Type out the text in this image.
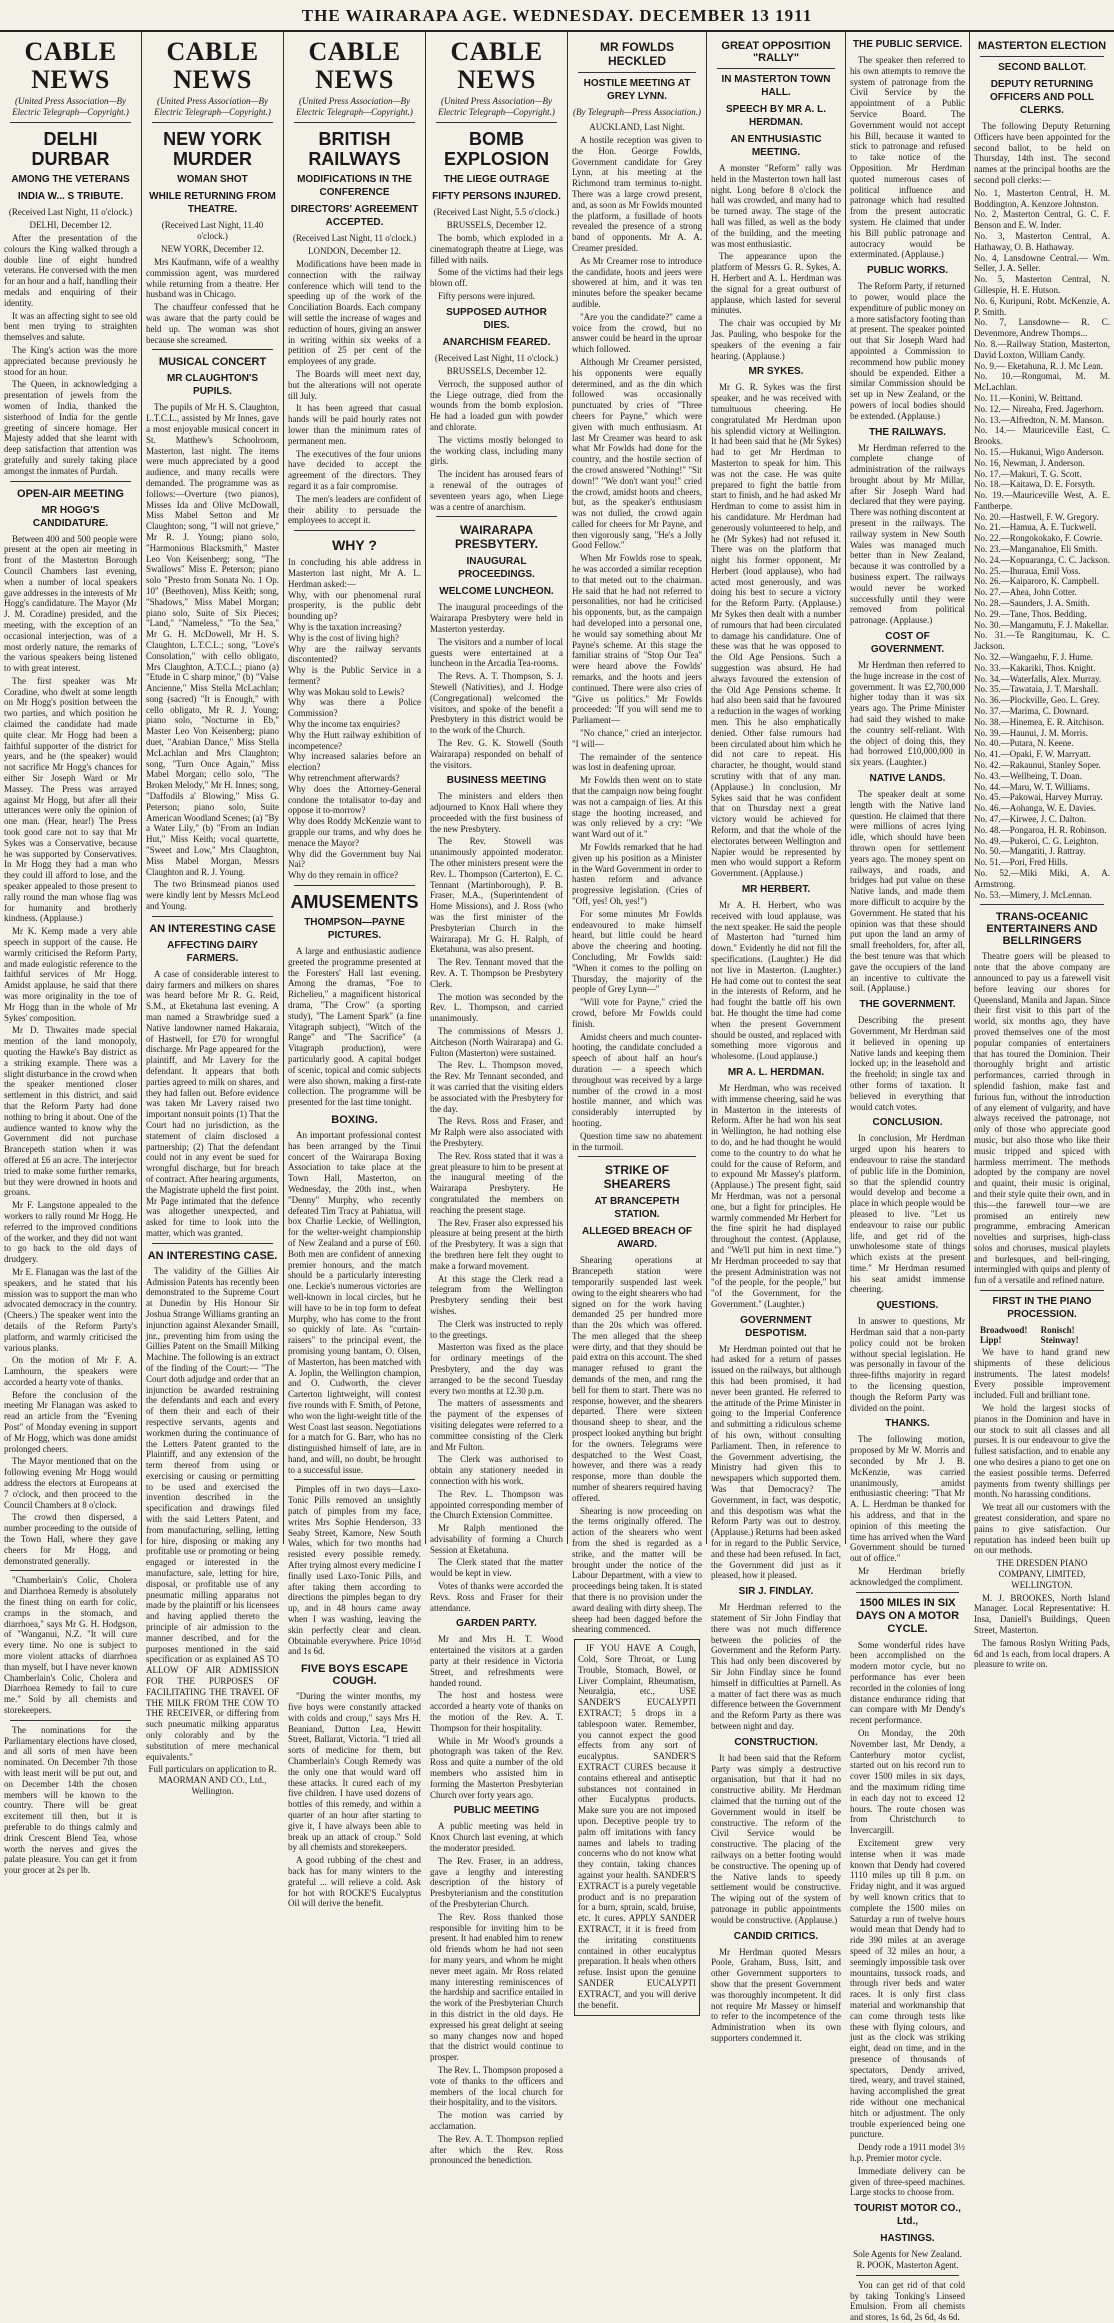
THE WAIRARAPA AGE. WEDNESDAY. DECEMBER 13 1911
CABLE NEWS
(United Press Association—By Electric Telegraph—Copyright.)
DELHI DURBAR
AMONG THE VETERANS
INDIA W... S TRIBUTE.
(Received Last Night, 11 o'clock.)
DELHI, December 12.

After the presentation of the colours the King walked through a double line of eight hundred veterans. He conversed with the men for an hour and a half, handling their medals and enquiring of their identity.

It was an affecting sight to see old bent men trying to straighten themselves and salute.

The King's action was the more appreciated because previously he stood for an hour.

The Queen, in acknowledging a presentation of jewels from the women of India, thanked the sisterhood of India for the gentle greeting of sincere homage. Her Majesty added that she learnt with deep satisfaction that attention was gratefully and surely taking place amongst the inmates of Purdah.

OPEN-AIR MEETING
MR HOGG'S CANDIDATURE.

Between 400 and 500 people were present at the open air meeting in front of the Masterton Borough Council Chambers last evening, when a number of local speakers gave addresses in the interests of Mr Hogg's candidature. The Mayor (Mr J. M. Coradine) presided, and the meeting, with the exception of an occasional interjection, was of a most orderly nature, the remarks of the various speakers being listened to with great interest.

The first speaker was Mr Coradine, who dwelt at some length on Mr Hogg's position between the two parties, and which position he claimed the candidate had made quite clear. Mr Hogg had been a faithful supporter of the district for years, and he (the speaker) would not sacrifice Mr Hogg's chances for either Sir Joseph Ward or Mr Massey. The Press was arrayed against Mr Hogg, but after all their utterances were only the opinion of one man. (Hear, hear!) The Press took good care not to say that Mr Sykes was a Conservative, because he was supported by Conservatives. In Mr Hogg they had a man who they could ill afford to lose, and the speaker appealed to those present to rally round the man whose flag was for humanity and brotherly kindness. (Applause.)

Mr K. Kemp made a very able speech in support of the cause. He warmly criticised the Reform Party, and made eulogistic reference to the faithful services of Mr Hogg. Amidst applause, he said that there was more originality in the toe of Mr Hogg than in the whole of Mr Sykes' composition.

Mr D. Thwaites made special mention of the land monopoly, quoting the Hawke's Bay district as a striking example. There was a slight disturbance in the crowd when the speaker mentioned closer settlement in this district, and said that the Reform Party had done nothing to bring it about. One of the audience wanted to know why the Government did not purchase Brancepeth station when it was offered at £6 an acre. The interjector tried to make some further remarks, but they were drowned in hoots and groans.

Mr F. Langstone appealed to the workers to rally round Mr Hogg. He referred to the improved conditions of the worker, and they did not want to go back to the old days of drudgery.

Mr E. Flanagan was the last of the speakers, and he stated that his mission was to support the man who advocated democracy in the country. (Cheers.) The speaker went into the details of the Reform Party's platform, and warmly criticised the various planks.

On the motion of Mr F. A. Lamhourn, the speakers were accorded a hearty vote of thanks.

Before the conclusion of the meeting Mr Flanagan was asked to read an article from the "Evening Post" of Monday evening in support of Mr Hogg, which was done amidst prolonged cheers.

The Mayor mentioned that on the following evening Mr Hogg would address the electors at Europeans at 7 o'clock, and then proceed to the Council Chambers at 8 o'clock.

The crowd then dispersed, a number proceeding to the outside of the Town Hall, where they gave cheers for Mr Hogg, and demonstrated generally.

"Chamberlain's Colic, Cholera and Diarrhoea Remedy is absolutely the finest thing on earth for colic, cramps in the stomach, and diarrhoea," says Mr G. H. Hodgson, of "Wanganui, N.Z. "It will cure every time. No one is subject to more violent attacks of diarrhoea than myself, but I have never known Chamberlain's Colic, Cholera and Diarrhoea Remedy to fail to cure me." Sold by all chemists and storekeepers.

The nominations for the Parliamentary elections have closed, and all sorts of men have been nominated. On December 7th those with least merit will be put out, and on December 14th the chosen members will be known to the country. There will be great excitement till then, but it is preferable to do things calmly and drink Crescent Blend Tea, whose worth the nerves and gives the palate pleasure. You can get it from your grocer at 2s per lb.

CABLE NEWS
(United Press Association—By Electric Telegraph—Copyright.)
NEW YORK MURDER
WOMAN SHOT
WHILE RETURNING FROM THEATRE.
(Received Last Night, 11.40 o'clock.)
NEW YORK, December 12.

Mrs Kaufmann, wife of a wealthy commission agent, was murdered while returning from a theatre. Her husband was in Chicago.

The chauffeur confessed that he was aware that the party could be held up. The woman was shot because she screamed.

MUSICAL CONCERT
MR CLAUGHTON'S PUPILS.

The pupils of Mr H. S. Claughton, L.T.C.L., assisted by Mr Innes, gave a most enjoyable musical concert in St. Matthew's Schoolroom, Masterton, last night. The items were much appreciated by a good audience, and many recalls were demanded. The programme was as follows:—Overture (two pianos), Misses Ida and Olive McDowall, Miss Mabel Setton and Mr Claughton; song, "I will not grieve," Mr R. J. Young; piano solo, "Harmonious Blacksmith," Master Leo Von Keisenberg; song, "The Swallows" Miss E. Peterson; piano solo "Presto from Sonata No. 1 Op. 10" (Beethoven), Miss Keith; song, "Shadows," Miss Mabel Morgan; piano solo, Suite of Six Pieces; "Land," "Nameless," "To the Sea," Mr G. H. McDowell, Mr H. S. Claughton, L.T.C.L.; song, "Love's Consolation," with cello obligato, Mrs Claughton, A.T.C.L.; piano (a) "Etude in C sharp minor," (b) "Valse Ancienne," Miss Stella McLachlan; song (sacred) "It is Enough," with cello obligato, Mr R. J. Young; piano solo, "Nocturne in Eb," Master Leo Von Keisenberg; piano duet, "Arabian Dance," Miss Stella McLachlan and Mrs Claughton; song, "Turn Once Again," Miss Mabel Morgan; cello solo, "The Broken Melody," Mr H. Innes; song, "Daffodils a' Blowing," Miss G. Peterson; piano solo, Suite American Woodland Scenes; (a) "By a Water Lily," (b) "From an Indian Hut," Miss Keith; vocal quartette, "Sweet and Low," Mrs Claughton, Miss Mabel Morgan, Messrs Claughton and R. J. Young.

The two Brinsmead pianos used were kindly lent by Messrs McLeod and Young.

AN INTERESTING CASE
AFFECTING DAIRY FARMERS.

A case of considerable interest to dairy farmers and milkers on shares was heard before Mr R. G. Reid, S.M., at Eketahuna last evening. A man named a Strawbridge sued a Native landowner named Hakaraia, of Hastwell, for £70 for wrongful discharge. Mr Page appeared for the plaintiff, and Mr Lavery for the defendant. It appears that both parties agreed to milk on shares, and they had fallen out. Before evidence was taken Mr Lavery raised two important nonsuit points (1) That the Court had no jurisdiction, as the statement of claim disclosed a partnership; (2) That the defendant could not in any event be sued for wrongful discharge, but for breach of contract. After hearing arguments, the Magistrate upheld the first point. Mr Page intimated that the defence was altogether unexpected, and asked for time to look into the matter, which was granted.

AN INTERESTING CASE.

The validity of the Gillies Air Admission Patents has recently been demonstrated to the Supreme Court at Dunedin by His Honour Sir Joshua Strange Williams granting an injunction against Alexander Smaill, jnr., preventing him from using the Gillies Patent on the Smaill Milking Machine. The following is an extract of the finding of the Court:— "The Court doth adjudge and order that an injunction be awarded restraining the defendants and each and every of them their and each of their respective servants, agents and workmen during the continuance of the Letters Patent granted to the Plaintiff, and any extension of the term thereof from using or exercising or causing or permitting to be used and exercised the invention described in the specification and drawings filed with the said Letters Patent, and from manufacturing, selling, letting for hire, disposing or making any profitable use or promoting or being engaged or interested in the manufacture, sale, letting for hire, disposal, or profitable use of any pneumatic milling apparatus not made by the plaintiff or his licensees and having applied thereto the principle of air admission to the manner described, and for the purposes mentioned in the said specification or as explained AS TO ALLOW OF AIR ADMISSION FOR THE PURPOSES OF FACILITATING THE TRAVEL OF THE MILK FROM THE COW TO THE RECEIVER, or differing from such pneumatic milking apparatus only colorably and by the substitution of mere mechanical equivalents."

Full particulars on application to R. MAORMAN AND CO., Ltd., Wellington.

CABLE NEWS
(United Press Association—By Electric Telegraph—Copyright.)
BRITISH RAILWAYS
MODIFICATIONS IN THE CONFERENCE
DIRECTORS' AGREEMENT ACCEPTED.
(Received Last Night, 11 o'clock.)
LONDON, December 12.

Modifications have been made in connection with the railway conference which will tend to the speeding up of the work of the Conciliation Boards. Each company will settle the increase of wages and reduction of hours, giving an answer in writing within six weeks of a petition of 25 per cent of the employees of any grade.

The Boards will meet next day, but the alterations will not operate till July.

It has been agreed that casual hands will be paid hourly rates not lower than the minimum rates of permanent men.

The executives of the four unions have decided to accept the agreement of the directors. They regard it as a fair compromise.

The men's leaders are confident of their ability to persuade the employees to accept it.

WHY ?

In concluding his able address in Masterton last night, Mr A. L. Herdman asked:—

Why, with our phenomenal rural prosperity, is the public debt bounding up?

Why is the taxation increasing?

Why is the cost of living high?

Why are the railway servants discontented?

Why is the Public Service in a ferment?

Why was Mokau sold to Lewis?

Why was there a Police Commission?

Why the income tax enquiries?

Why the Hutt railway exhibition of incompetence?

Why increased salaries before an election?

Why retrenchment afterwards?

Why does the Attorney-General condone the totalisator to-day and oppose it to-morrow?

Why does Roddy McKenzie want to grapple our trams, and why does he menace the Mayor?

Why did the Government buy Nai Nai?

Why do they remain in office?

AMUSEMENTS
THOMPSON—PAYNE PICTURES.

A large and enthusiastic audience greeted the programme presented at the Foresters' Hall last evening. Among the dramas, "Foe to Richelieu," a magnificent historical drama, "The Crow" (a sporting study), "The Lament Spark" (a fine Vitagraph subject), "Witch of the Range" and "The Sacrifice" (a Vitagraph production), were particularly good. A capital budget of scenic, topical and comic subjects were also shown, making a first-rate collection. The programme will be presented for the last time tonight.

BOXING.

An important professional contest has been arranged by the Tinui concert of the Wairarapa Boxing Association to take place at the Town Hall, Masterton, on Wednesday, the 20th inst., when "Denny" Murphy, who recently defeated Tim Tracy at Pahiatua, will box Charlie Leckie, of Wellington, for the welter-weight championship of New Zealand and a purse of £60. Both men are confident of annexing premier honours, and the match should be a particularly interesting one. Leckie's numerous victories are well-known in local circles, but he will have to be in top form to defeat Murphy, who has come to the front so quickly of late. As "curtain-raisers" to the principal event, the promising young bantam, O. Olsen, of Masterton, has been matched with A. Joplin, the Wellington champion, and O. Cudworth, the clever Carterton lightweight, will contest five rounds with F. Smith, of Petone, who won the light-weight title of the West Coast last season. Negotiations for a match for G. Barr, who has no distinguished himself of late, are in hand, and will, no doubt, be brought to a successful issue.

Pimples off in two days—Laxo-Tonic Pills removed an unsightly patch of pimples from my face, writes Mrs Sophie Henderson, 33 Seaby Street, Kamore, New South Wales, which for two months had resisted every possible remedy. After trying almost every medicine I finally used Laxo-Tonic Pills, and after taking them according to directions the pimples began to dry up, and in 48 hours came away when I was washing, leaving the skin perfectly clear and clean. Obtainable everywhere. Price 10½d and 1s 6d.

FIVE BOYS ESCAPE COUGH.

"During the winter months, my five boys were constantly attacked with colds and croup," says Mrs H. Beaniand, Dutton Lea, Hewitt Street, Ballarat, Victoria. "I tried all sorts of medicine for them, but Chamberlain's Cough Remedy was the only one that would ward off these attacks. It cured each of my five children. I have used dozens of bottles of this remedy, and within a quarter of an hour after starting to give it, I have always been able to break up an attack of croup." Sold by all chemists and storekeepers.

A good rubbing of the chest and back has for many winters to the grateful ... will relieve a cold. Ask for hot with ROCKE'S Eucalyptus Oil will derive the benefit.

CABLE NEWS
(United Press Association—By Electric Telegraph—Copyright.)
BOMB EXPLOSION
THE LIEGE OUTRAGE
FIFTY PERSONS INJURED.
(Received Last Night, 5.5 o'clock.)
BRUSSELS, December 12.

The bomb, which exploded in a cinematograph theatre at Liege, was filled with nails.

Some of the victims had their legs blown off.

Fifty persons were injured.

SUPPOSED AUTHOR DIES.
ANARCHISM FEARED.
(Received Last Night, 11 o'clock.)
BRUSSELS, December 12.

Verroch, the supposed author of the Liege outrage, died from the wounds from the bomb explosion. He had a loaded gun with powder and chlorate.

The victims mostly belonged to the working class, including many girls.

The incident has aroused fears of a renewal of the outrages of seventeen years ago, when Liege was a centre of anarchism.

WAIRARAPA PRESBYTERY.
INAUGURAL PROCEEDINGS.
WELCOME LUNCHEON.

The inaugural proceedings of the Wairarapa Presbytery were held in Masterton yesterday.

The visitors and a number of local guests were entertained at a luncheon in the Arcadia Tea-rooms.

The Revs. A. T. Thompson, S. J. Stewell (Nativities), and J. Hodge (Congregational) welcomed the visitors, and spoke of the benefit a Presbytery in this district would be to the work of the Church.

The Rev. G. K. Stowell (South Wairarapa) responded on behalf of the visitors.

BUSINESS MEETING

The ministers and elders then adjourned to Knox Hall where they proceeded with the first business of the new Presbytery.

The Rev. Stowell was unanimously appointed moderator. The other ministers present were the Rev. L. Thompson (Carterton), E. C. Tennant (Martinborough), P. B. Fraser, M.A., (Superintendent of Home Missions), and J. Ross (who was the first minister of the Presbyterian Church in the Wairarapa). Mr G. H. Ralph, of Eketahuna, was also present.

The Rev. Tennant moved that the Rev. A. T. Thompson be Presbytery Clerk.

The motion was seconded by the Rev. L. Thompson, and carried unanimously.

The commissions of Messrs J. Aitcheson (North Wairarapa) and G. Fulton (Masterton) were sustained.

The Rev. L. Thompson moved, the Rev. Mr Tennant seconded, and it was carried that the visiting elders be associated with the Presbytery for the day.

The Revs. Ross and Fraser, and Mr Ralph were also associated with the Presbytery.

The Rev. Ross stated that it was a great pleasure to him to be present at the inaugural meeting of the Wairarapa Presbytery. He congratulated the members on reaching the present stage.

The Rev. Fraser also expressed his pleasure at being present at the birth of the Presbytery. It was a sign that the brethren here felt they ought to make a forward movement.

At this stage the Clerk read a telegram from the Wellington Presbytery sending their best wishes.

The Clerk was instructed to reply to the greetings.

Masterton was fixed as the place for ordinary meetings of the Presbytery, and the day was arranged to be the second Tuesday every two months at 12.30 p.m.

The matters of assessments and the payment of the expenses of visiting delegates were referred to a committee consisting of the Clerk and Mr Fulton.

The Clerk was authorised to obtain any stationery needed in connection with his work.

The Rev. L. Thompson was appointed corresponding member of the Church Extension Committee.

Mr Ralph mentioned the advisability of forming a Church Session at Eketahuna.

The Clerk stated that the matter would be kept in view.

Votes of thanks were accorded the Revs. Ross and Fraser for their attendance.

GARDEN PARTY.

Mr and Mrs H. T. Wood entertained the visitors at a garden party at their residence in Victoria Street, and refreshments were handed round.

The host and hostess were accorded a hearty vote of thanks on the motion of the Rev. A. T. Thompson for their hospitality.

While in Mr Wood's grounds a photograph was taken of the Rev. Ross and quite a number of the old members who assisted him in forming the Masterton Presbyterian Church over forty years ago.

PUBLIC MEETING

A public meeting was held in Knox Church last evening, at which the moderator presided.

The Rev. Fraser, in an address, gave a lengthy and interesting description of the history of Presbyterianism and the constitution of the Presbyterian Church.

The Rev. Ross thanked those responsible for inviting him to be present. It had enabled him to renew old friends whom he had not seen for many years, and whom he might never meet again. Mr Ross related many interesting reminiscences of the hardship and sacrifice entailed in the work of the Presbyterian Church in this district in the old days. He expressed his great delight at seeing so many changes now and hoped that the district would continue to prosper.

The Rev. L. Thompson proposed a vote of thanks to the officers and members of the local church for their hospitality, and to the visitors.

The motion was carried by acclamation.

The Rev. A. T. Thompson replied after which the Rev. Ross pronounced the benediction.

MR FOWLDS HECKLED
HOSTILE MEETING AT GREY LYNN.
(By Telegraph—Press Association.)
AUCKLAND, Last Night.

A hostile reception was given to the Hon. George Fowlds, Government candidate for Grey Lynn, at his meeting at the Richmond tram terminus to-night. There was a large crowd present, and, as soon as Mr Fowlds mounted the platform, a fusillade of hoots revealed the presence of a strong band of opponents. Mr A. A. Creamer presided.

As Mr Creamer rose to introduce the candidate, hoots and jeers were showered at him, and it was ten minutes before the speaker became audible.

"Are you the candidate?" came a voice from the crowd, but no answer could be heard in the uproar which followed.

Although Mr Creamer persisted, his opponents were equally determined, and as the din which followed was occasionally punctuated by cries of "Three cheers for Payne," which were given with much enthusiasm. At last Mr Creamer was heard to ask what Mr Fowlds had done for the country, and the hostile section of the crowd answered "Nothing!" "Sit down!" "We don't want you!" cried the crowd, amidst hoots and cheers, but, as the speaker's enthusiasm was not dulled, the crowd again called for cheers for Mr Payne, and then vigorously sang, "He's a Jolly Good Fellow."

When Mr Fowlds rose to speak, he was accorded a similar reception to that meted out to the chairman. He said that he had not referred to personalities, nor had he criticised his opponents, but, as the campaign had developed into a personal one, he would say something about Mr Payne's scheme. At this stage the familiar strains of "Stop Our Tea" were heard above the Fowlds' remarks, and the hoots and jeers continued. There were also cries of "Give us politics." Mr Fowlds proceeded: "If you will send me to Parliament—

"No chance," cried an interjector. "I will—

The remainder of the sentence was lost in deafening uproar.

Mr Fowlds then went on to state that the campaign now being fought was not a campaign of lies. At this stage the hooting increased, and was only relieved by a cry: "We want Ward out of it."

Mr Fowlds remarked that he had given up his position as a Minister in the Ward Government in order to hasten reform and advance progressive legislation. (Cries of "Off, yes! Oh, yes!")

For some minutes Mr Fowlds endeavoured to make himself heard, but little could be heard above the cheering and hooting. Concluding, Mr Fowlds said: "When it comes to the polling on Thursday, the majority of the people of Grey Lynn—"

"Will vote for Payne," cried the crowd, before Mr Fowlds could finish.

Amidst cheers and much counter-hooting, the candidate concluded a speech of about half an hour's duration — a speech which throughout was received by a large number of the crowd in a most hostile manner, and which was considerably interrupted by hooting.

Question time saw no abatement in the turmoil.

STRIKE OF SHEARERS
AT BRANCEPETH STATION.
ALLEGED BREACH OF AWARD.

Shearing operations at Brancepeth station were temporarily suspended last week owing to the eight shearers who had signed on for the work having demanded 25 per hundred more than the 20s which was offered. The men alleged that the sheep were dirty, and that they should be paid extra on this account. The shed manager refused to grant the demands of the men, and rang the bell for them to start. There was no response, however, and the shearers departed. There were sixteen thousand sheep to shear, and the prospect looked anything but bright for the owners. Telegrams were despatched to the West Coast, however, and there was a ready response, more than double the number of shearers required having offered.

Shearing is now proceeding on the terms originally offered. The action of the shearers who went from the shed is regarded as a strike, and the matter will be brought under the notice of the Labour Department, with a view to proceedings being taken. It is stated that there is no provision under the award dealing with dirty sheep. The sheep had been dagged before the shearing commenced.

IF YOU HAVE A Cough, Cold, Sore Throat, or Lung Trouble, Stomach, Bowel, or Liver Complaint, Rheumatism, Neuralgia, etc., USE SANDER'S EUCALYPTI EXTRACT; 5 drops in a tablespoon water. Remember, you cannot expect the good effects from any sort of eucalyptus. SANDER'S EXTRACT CURES because it contains ethereal and antiseptic substances not contained in other Eucalyptus products. Make sure you are not imposed upon. Deceptive people try to palm off imitations with fancy names and labels to trading concerns who do not know what they contain, taking chances against your health. SANDER'S EXTRACT is a purely vegetable product and is no preparation for a burn, sprain, scald, bruise, etc. It cures. APPLY SANDER EXTRACT, it it is freed from the irritating constituents contained in other eucalyptus preparation. It heals when others refuse. Insist upon the genuine SANDER EUCALYPTI EXTRACT, and you will derive the benefit.

GREAT OPPOSITION "RALLY"
IN MASTERTON TOWN HALL.
SPEECH BY MR A. L. HERDMAN.
AN ENTHUSIASTIC MEETING.

A monster "Reform" rally was held in the Masterton town hall last night. Long before 8 o'clock the hall was crowded, and many had to be turned away. The stage of the hall was filled, as well as the body of the building, and the meeting was most enthusiastic.

The appearance upon the platform of Messrs G. R. Sykes, A. H. Herbert and A. L. Herdman was the signal for a great outburst of applause, which lasted for several minutes.

The chair was occupied by Mr Jas. Pauling, who bespoke for the speakers of the evening a fair hearing. (Applause.)

MR SYKES.

Mr G. R. Sykes was the first speaker, and he was received with tumultuous cheering. He congratulated Mr Herdman upon his splendid victory at Wellington. It had been said that he (Mr Sykes) had to get Mr Herdman to Masterton to speak for him. This was not the case. He was quite prepared to fight the battle from start to finish, and he had asked Mr Herdman to come to assist him in his candidature. Mr Herdman had generously volunteered to help, and he (Mr Sykes) had not refused it. There was on the platform that night his former opponent, Mr Herbert (loud applause), who had acted most generously, and was doing his best to secure a victory for the Reform Party. (Applause.) Mr Sykes then dealt with a number of rumours that had been circulated to damage his candidature. One of these was that he was opposed to the Old Age Pensions. Such a suggestion was absurd. He had always favoured the extension of the Old Age Pensions scheme. It had also been said that he favoured a reduction in the wages of working men. This he also emphatically denied. Other false rumours had been circulated about him which he did not care to repeat. His character, he thought, would stand scrutiny with that of any man. (Applause.) In conclusion, Mr Sykes said that he was confident that on Thursday next a great victory would be achieved for Reform, and that the whole of the electorates between Wellington and Napier would be represented by men who would support a Reform Government. (Applause.)

MR HERBERT.

Mr A. H. Herbert, who was received with loud applause, was the next speaker. He said the people of Masterton had "turned him down." Evidently he did not fill the specifications. (Laughter.) He did not live in Masterton. (Laughter.) He had come out to contest the seat in the interests of Reform, and he had fought the battle off his own bat. He thought the time had come when the present Government should be ousted, and replaced with something more vigorous and wholesome. (Loud applause.)

MR A. L. HERDMAN.

Mr Herdman, who was received with immense cheering, said he was in Masterton in the interests of Reform. After he had won his seat in Wellington, he had nothing else to do, and he had thought he would come to the country to do what he could for the cause of Reform, and to expound Mr Massey's platform. (Applause.) The present fight, said Mr Herdman, was not a personal one, but a fight for principles. He warmly commended Mr Herbert for the fine spirit he had displayed throughout the contest. (Applause, and "We'll put him in next time.") Mr Herdman proceeded to say that the present Administration was not "of the people, for the people," but "of the Government, for the Government." (Laughter.)

GOVERNMENT DESPOTISM.

Mr Herdman pointed out that he had asked for a return of passes issued on the railways, but although this had been promised, it had never been granted. He referred to the attitude of the Prime Minister in going to the Imperial Conference and submitting a ridiculous scheme of his own, without consulting Parliament. Then, in reference to the Government advertising, the Ministry had given this to newspapers which supported them. Was that Democracy? The Government, in fact, was despotic, and this despotism was what the Reform Party was out to destroy. (Applause.) Returns had been asked for in regard to the Public Service, and these had been refused. In fact, the Government did just as it pleased, how it pleased.

SIR J. FINDLAY.

Mr Herdman referred to the statement of Sir John Findlay that there was not much difference between the policies of the Government and the Reform Party. This had only been discovered by Sir John Findlay since he found himself in difficulties at Parnell. As a matter of fact there was as much difference between the Government and the Reform Party as there was between night and day.

CONSTRUCTION.

It had been said that the Reform Party was simply a destructive organisation, but that it had no constructive ability. Mr Herdman claimed that the turning out of the Government would in itself be constructive. The reform of the Civil Service would be constructive. The placing of the railways on a better footing would be constructive. The opening up of the Native lands to speedy settlement would be constructive. The wiping out of the system of patronage in public appointments would be constructive. (Applause.)

CANDID CRITICS.

Mr Herdman quoted Messrs Poole, Graham, Buss, Isitt, and other Government supporters to show that the present Government was thoroughly incompetent. It did not require Mr Massey or himself to refer to the incompetence of the Administration when its own supporters condemned it.

THE PUBLIC SERVICE.

The speaker then referred to his own attempts to remove the system of patronage from the Civil Service by the appointment of a Public Service Board. The Government would not accept his Bill, because it wanted to stick to patronage and refused to take notice of the Opposition. Mr Herdman quoted numerous cases of political influence and patronage which had resulted from the present autocratic system. He claimed that under his Bill public patronage and autocracy would be exterminated. (Applause.)

PUBLIC WORKS.

The Reform Party, if returned to power, would place the expenditure of public money on a more satisfactory footing than at present. The speaker pointed out that Sir Joseph Ward had appointed a Commission to recommend how public money should be expended. Either a similar Commission should be set up in New Zealand, or the powers of local bodies should be extended. (Applause.)

THE RAILWAYS.

Mr Herdman referred to the complete change of administration of the railways brought about by Mr Millar, after Sir Joseph Ward had declared that they were paying. There was nothing discontent at present in the railways. The railway system in New South Wales was managed much better than in New Zealand, because it was controlled by a business expert. The railways would never be worked successfully until they were removed from political patronage. (Applause.)

COST OF GOVERNMENT.

Mr Herdman then referred to the huge increase in the cost of government. It was £2,700,000 higher today than it was six years ago. The Prime Minister had said they wished to make the country self-reliant. With the object of doing this, they had borrowed £10,000,000 in six years. (Laughter.)

NATIVE LANDS.

The speaker dealt at some length with the Native land question. He claimed that there were millions of acres lying idle, which should have been thrown open for settlement years ago. The money spent on railways, and roads, and bridges had put value on these Native lands, and made them more difficult to acquire by the Government. He stated that his opinion was that these should put upon the land an army of small freeholders, for, after all, the best tenure was that which gave the occupiers of the land an incentive to cultivate the soil. (Applause.)

THE GOVERNMENT.

Describing the present Government, Mr Herdman said it believed in opening up Native lands and keeping them locked up; in the leasehold and the freehold; in single tax and other forms of taxation. It believed in everything that would catch votes.

CONCLUSION.

In conclusion, Mr Herdman urged upon his hearers to endeavour to raise the standard of public life in the Dominion, so that the splendid country would develop and become a place in which people would be pleased to live. "Let us endeavour to raise our public life, and get rid of the unwholesome state of things which exists at the present time." Mr Herdman resumed his seat amidst immense cheering.

QUESTIONS.

In answer to questions, Mr Herdman said that a non-party policy could not be broken without special legislation. He was personally in favour of the three-fifths majority in regard to the licensing question, though the Reform Party was divided on the point.

THANKS.

The following motion, proposed by Mr W. Morris and seconded by Mr J. B. McKenzie, was carried unanimously, amidst enthusiastic cheering: "That Mr A. L. Herdman be thanked for his address, and that in the opinion of this meeting the time has arrived when the Ward Government should be turned out of office."

Mr Herdman briefly acknowledged the compliment.

1500 MILES IN SIX DAYS ON A MOTOR CYCLE.

Some wonderful rides have been accomplished on the modern motor cycle, but no performance has ever been recorded in the colonies of long distance endurance riding that can compare with Mr Dendy's recent performance.

On Monday, the 20th November last, Mr Dendy, a Canterbury motor cyclist, started out on his record run to cover 1500 miles in six days, and the maximum riding time in each day not to exceed 12 hours. The route chosen was from Christchurch to Invercargill.

Excitement grew very intense when it was made known that Dendy had covered 1110 miles up till 8 p.m. on Friday night, and it was argued by well known critics that to complete the 1500 miles on Saturday a run of twelve hours would mean that Dendy had to ride 390 miles at an average speed of 32 miles an hour, a seemingly impossible task over mountains, tussock roads, and through river beds and water races. It is only first class material and workmanship that can come through tests like these with flying colours, and just as the clock was striking eight, dead on time, and in the presence of thousands of spectators, Dendy arrived, tired, weary, and travel stained, having accomplished the great ride without one mechanical hitch or adjustment. The only trouble experienced being one puncture.

Dendy rode a 1911 model 3½ h.p. Premier motor cycle.

Immediate delivery can be given of three-speed machines. Large stocks to choose from.

TOURIST MOTOR CO., Ltd.,
HASTINGS.

Sole Agents for New Zealand. R. POOK, Masterton Agent.

You can get rid of that cold by taking Tonking's Linseed Emulsion. From all chemists and stores, 1s 6d, 2s 6d, 4s 6d.

MASTERTON ELECTION
SECOND BALLOT.
DEPUTY RETURNING OFFICERS AND POLL CLERKS.

The following Deputy Returning Officers have been appointed for the second ballot, to be held on Thursday, 14th inst. The second names at the principal booths are the second poll clerks:—

No. 1, Masterton Central, H. M. Boddington, A. Kenzore Johnston.

No. 2, Masterton Central, G. C. F. Benson and E. W. Inder.

No. 3, Masterton Central, A. Hathaway, O. B. Hathaway.

No. 4, Lansdowne Central.— Wm. Seller, J. A. Seller.

No. 5, Masterton Central, N. Gillespie, H. E. Hutson.

No. 6, Kuripuni, Robt. McKenzie, A. P. Smith.

No. 7, Lansdowne— R. C. Devenmore, Andrew Thomps...

No. 8.—Railway Station, Masterton, David Loxton, William Candy.

No. 9.— Eketahuna, R. J. Mc Lean.

No. 10.—Rongomai, M. M. McLachlan.

No. 11.—Konini, W. Brittand.

No. 12.— Nireaha, Fred. Jagerhorn.

No. 13.—Alfredton, N. M. Manson.

No. 14.— Mauriceville East, C. Brooks.

No. 15.—Hukanui, Wigo Anderson.

No. 16, Newman, J. Anderson.

No. 17.—Makuri, T. G. Scott.

No. 18.—Kaitawa, D. E. Forsyth.

No. 19.—Mauriceville West, A. E. Fantberpe.

No. 20.—Hastwell, F. W. Gregory.

No. 21.—Hamua, A. E. Tuckwell.

No. 22.—Rongokokako, F. Cowrie.

No. 23.—Manganahoe, Eli Smith.

No. 24.—Kopuaranga, C. C. Jackson.

No. 25.—Ihuraua, Emil Voss.

No. 26.—Kaiparoro, K. Campbell.

No. 27.—Ahea, John Cotter.

No. 28.—Saunders, J. A. Smith.

No. 29.—Tane, Thos. Bedding.

No. 30.—Mangamutu, F. J. Makellar.

No. 31.—Te Rangitumau, K. C. Jackson.

No. 32.—Wangaehu, F. J. Hume.

No. 33.—Kakariki, Thos. Knight.

No. 34.—Waterfalls, Alex. Murray.

No. 35.—Tawataia, J. T. Marshall.

No. 36.—Plockville, Geo. L. Grey.

No. 37.—Marima, C. Downard.

No. 38.—Hinemea, E. R. Aitchison.

No. 39.—Haunui, J. M. Morris.

No. 40.—Putara, N. Keene.

No. 41.—Opaki, F. W. Marryatt.

No. 42.—Rakaunui, Stanley Soper.

No. 43.—Wellbeing, T. Doan.

No. 44.—Maru, W. T. Williams.

No. 45.—Pakowai, Harvey Murray.

No. 46.—Aohanga, W. E. Davies.

No. 47.—Kirwee, J. C. Dalton.

No. 48.—Pongaroa, H. R. Robinson.

No. 49.—Pukeroi, C. G. Leighton.

No. 50.—Mangatiti, J. Rattray.

No. 51.—Pori, Fred Hills.

No. 52.—Miki Miki, A. A. Armstrong.

No. 53.—Mimery, J. McLennan.

TRANS-OCEANIC ENTERTAINERS AND BELLRINGERS

Theatre goers will be pleased to note that the above company are announced to pay us a farewell visit before leaving our shores for Queensland, Manila and Japan. Since their first visit to this part of the world, six months ago, they have proved themselves one of the most popular companies of entertainers that has toured the Dominion. Their thoroughly bright and artistic performances, carried through in splendid fashion, make fast and furious fun, without the introduction of any element of vulgarity, and have always received the patronage, not only of those who appreciate good music, but also those who like their music tripped and spiced with harmless merriment. The methods adopted by the company are novel and quaint, their music is original, and their style quite their own, and in this—the farewell tour—we are promised an entirely new programme, embracing American novelties and surprises, high-class solos and choruses, musical playlets and burlesques, and bell-ringing, intermingled with quips and plenty of fun of a versatile and refined nature.

FIRST IN THE PIANO PROCESSION.
Broadwood! Lipp!
Ronisch! Steinway!

We have to hand grand new shipments of these delicious instruments. The latest models! Every possible improvement included. Full and brilliant tone.

We hold the largest stocks of pianos in the Dominion and have in our stock to suit all classes and all purses. It is our endeavour to give the fullest satisfaction, and to enable any one who desires a piano to get one on the easiest possible terms. Deferred payments from twenty shillings per month. No harassing conditions.

We treat all our customers with the greatest consideration, and spare no pains to give satisfaction. Our reputation has indeed been built up on our methods.

THE DRESDEN PIANO COMPANY, LIMITED, WELLINGTON.

M. J. BROOKES, North Island Manager. Local Representative: H. Insa, Daniell's Buildings, Queen Street, Masterton.

The famous Roslyn Writing Pads, 6d and 1s each, from local drapers. A pleasure to write on.
